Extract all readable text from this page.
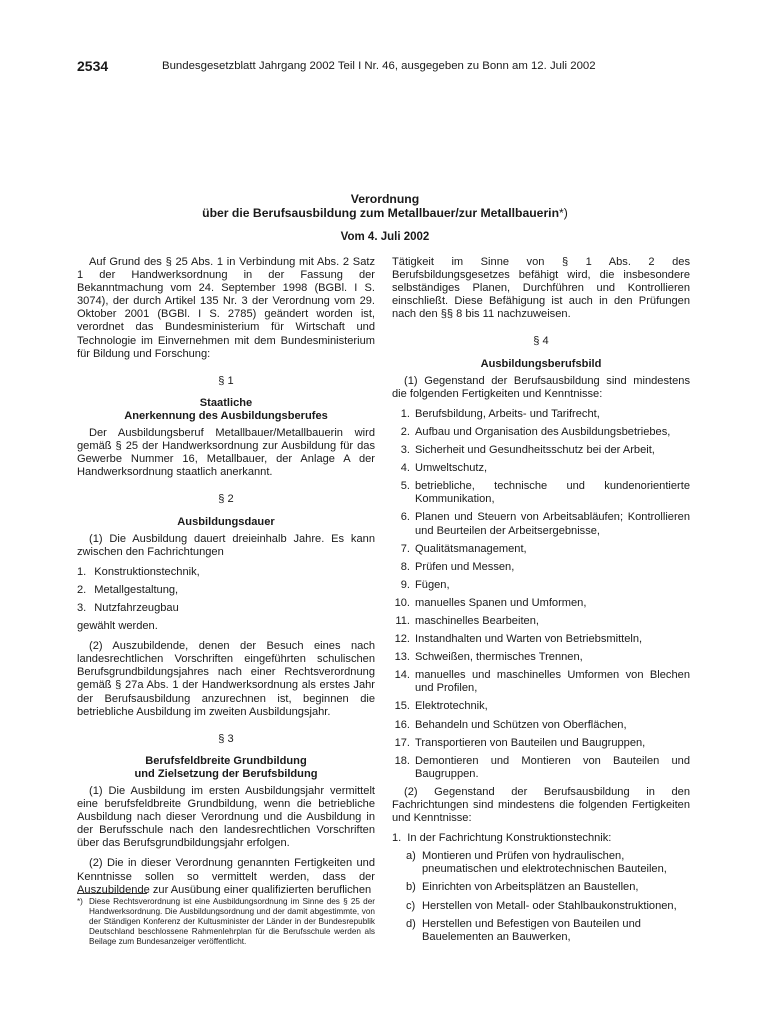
2534	Bundesgesetzblatt Jahrgang 2002 Teil I Nr. 46, ausgegeben zu Bonn am 12. Juli 2002
Verordnung
über die Berufsausbildung zum Metallbauer/zur Metallbauerin*)
Vom 4. Juli 2002

Auf Grund des § 25 Abs. 1 in Verbindung mit Abs. 2 Satz 1 der Handwerksordnung in der Fassung der Bekanntmachung vom 24. September 1998 (BGBl. I S. 3074), der durch Artikel 135 Nr. 3 der Verordnung vom 29. Oktober 2001 (BGBl. I S. 2785) geändert worden ist, verordnet das Bundesministerium für Wirtschaft und Technologie im Einvernehmen mit dem Bundesministerium für Bildung und Forschung:

§ 1
Staatliche
Anerkennung des Ausbildungsberufes

Der Ausbildungsberuf Metallbauer/Metallbauerin wird gemäß § 25 der Handwerksordnung zur Ausbildung für das Gewerbe Nummer 16, Metallbauer, der Anlage A der Handwerksordnung staatlich anerkannt.

§ 2
Ausbildungsdauer

(1) Die Ausbildung dauert dreieinhalb Jahre. Es kann zwischen den Fachrichtungen

1. Konstruktionstechnik,
2. Metallgestaltung,
3. Nutzfahrzeugbau

gewählt werden.

(2) Auszubildende, denen der Besuch eines nach landesrechtlichen Vorschriften eingeführten schulischen Berufsgrundbildungsjahres nach einer Rechtsverordnung gemäß § 27a Abs. 1 der Handwerksordnung als erstes Jahr der Berufsausbildung anzurechnen ist, beginnen die betriebliche Ausbildung im zweiten Ausbildungsjahr.

§ 3
Berufsfeldbreite Grundbildung
und Zielsetzung der Berufsbildung

(1) Die Ausbildung im ersten Ausbildungsjahr vermittelt eine berufsfeldbreite Grundbildung, wenn die betriebliche Ausbildung nach dieser Verordnung und die Ausbildung in der Berufsschule nach den landesrechtlichen Vorschriften über das Berufsgrundbildungsjahr erfolgen.

(2) Die in dieser Verordnung genannten Fertigkeiten und Kenntnisse sollen so vermittelt werden, dass der Auszubildende zur Ausübung einer qualifizierten beruflichen

*) Diese Rechtsverordnung ist eine Ausbildungsordnung im Sinne des § 25 der Handwerksordnung. Die Ausbildungsordnung und der damit abgestimmte, von der Ständigen Konferenz der Kultusminister der Länder in der Bundesrepublik Deutschland beschlossene Rahmenlehrplan für die Berufsschule werden als Beilage zum Bundesanzeiger veröffentlicht.

Tätigkeit im Sinne von § 1 Abs. 2 des Berufsbildungsgesetzes befähigt wird, die insbesondere selbständiges Planen, Durchführen und Kontrollieren einschließt. Diese Befähigung ist auch in den Prüfungen nach den §§ 8 bis 11 nachzuweisen.

§ 4
Ausbildungsberufsbild

(1) Gegenstand der Berufsausbildung sind mindestens die folgenden Fertigkeiten und Kenntnisse:

1. Berufsbildung, Arbeits- und Tarifrecht,
2. Aufbau und Organisation des Ausbildungsbetriebes,
3. Sicherheit und Gesundheitsschutz bei der Arbeit,
4. Umweltschutz,
5. betriebliche, technische und kundenorientierte Kommunikation,
6. Planen und Steuern von Arbeitsabläufen; Kontrollieren und Beurteilen der Arbeitsergebnisse,
7. Qualitätsmanagement,
8. Prüfen und Messen,
9. Fügen,
10. manuelles Spanen und Umformen,
11. maschinelles Bearbeiten,
12. Instandhalten und Warten von Betriebsmitteln,
13. Schweißen, thermisches Trennen,
14. manuelles und maschinelles Umformen von Blechen und Profilen,
15. Elektrotechnik,
16. Behandeln und Schützen von Oberflächen,
17. Transportieren von Bauteilen und Baugruppen,
18. Demontieren und Montieren von Bauteilen und Baugruppen.

(2) Gegenstand der Berufsausbildung in den Fachrichtungen sind mindestens die folgenden Fertigkeiten und Kenntnisse:

1. In der Fachrichtung Konstruktionstechnik:
a) Montieren und Prüfen von hydraulischen, pneumatischen und elektrotechnischen Bauteilen,
b) Einrichten von Arbeitsplätzen an Baustellen,
c) Herstellen von Metall- oder Stahlbaukonstruktionen,
d) Herstellen und Befestigen von Bauteilen und Bauelementen an Bauwerken,
